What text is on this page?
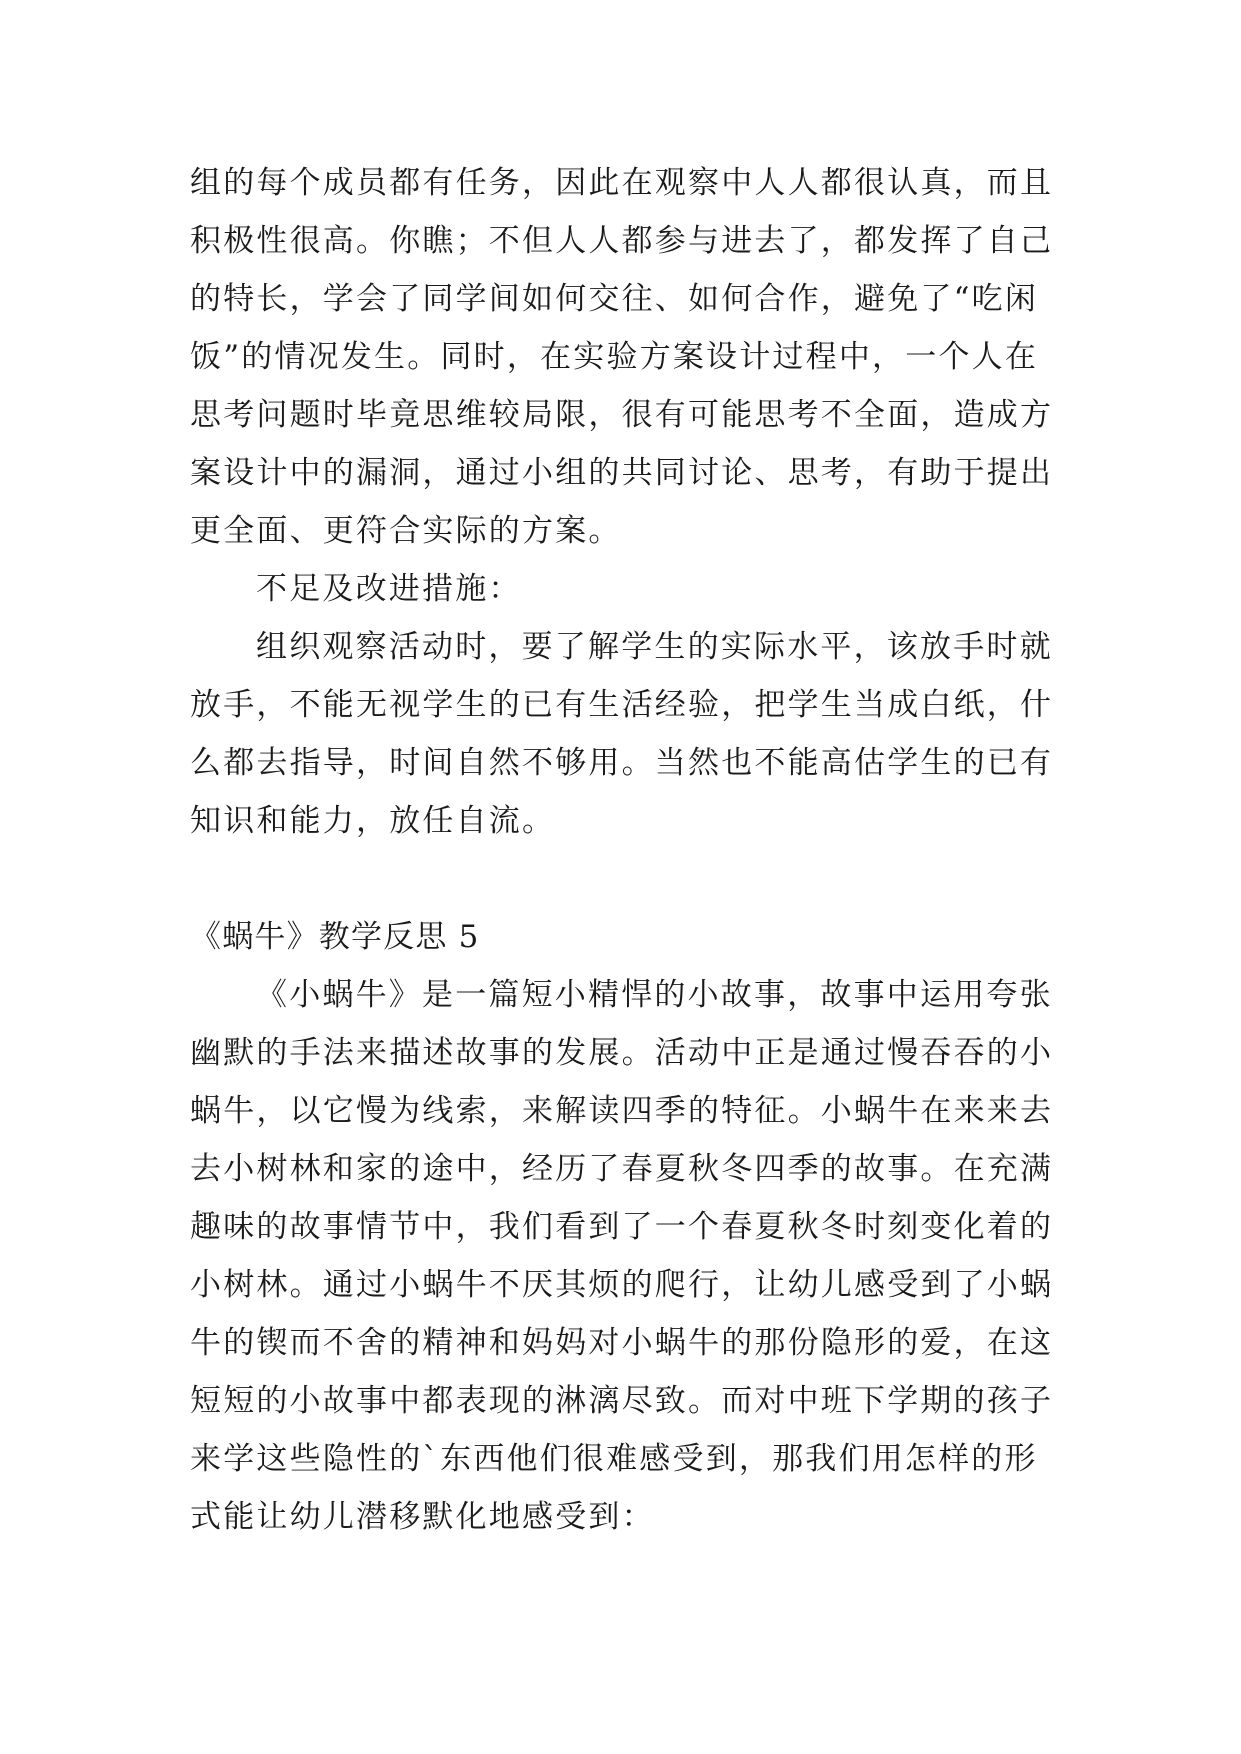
组的每个成员都有任务，因此在观察中人人都很认真，而且
积极性很高。你瞧；不但人人都参与进去了，都发挥了自己
的特长，学会了同学间如何交往、如何合作，避免了“吃闲
饭”的情况发生。同时，在实验方案设计过程中，一个人在
思考问题时毕竟思维较局限，很有可能思考不全面，造成方
案设计中的漏洞，通过小组的共同讨论、思考，有助于提出
更全面、更符合实际的方案。
不足及改进措施：
组织观察活动时，要了解学生的实际水平，该放手时就
放手，不能无视学生的已有生活经验，把学生当成白纸，什
么都去指导，时间自然不够用。当然也不能高估学生的已有
知识和能力，放任自流。
《蜗牛》教学反思 5
《小蜗牛》是一篇短小精悍的小故事，故事中运用夸张
幽默的手法来描述故事的发展。活动中正是通过慢吞吞的小
蜗牛，以它慢为线索，来解读四季的特征。小蜗牛在来来去
去小树林和家的途中，经历了春夏秋冬四季的故事。在充满
趣味的故事情节中，我们看到了一个春夏秋冬时刻变化着的
小树林。通过小蜗牛不厌其烦的爬行，让幼儿感受到了小蜗
牛的锲而不舍的精神和妈妈对小蜗牛的那份隐形的爱，在这
短短的小故事中都表现的淋漓尽致。而对中班下学期的孩子
来学这些隐性的`东西他们很难感受到，那我们用怎样的形
式能让幼儿潜移默化地感受到：
